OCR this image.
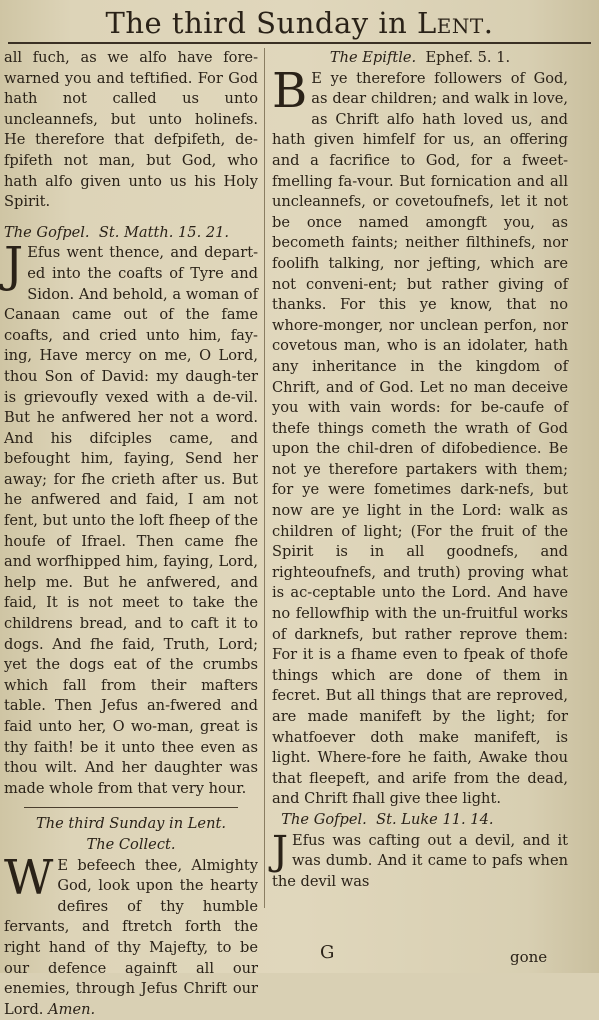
The third Sunday in Lent.

all fuch, as we alfo have fore-warned you and teftified. For God hath not called us unto uncleannefs, but unto holinefs. He therefore that defpifeth, de-fpifeth not man, but God, who hath alfo given unto us his Holy Spirit.

The Gofpel. St. Matth. 15. 21.

J Efus went thence, and depart-ed into the coafts of Tyre and Sidon. And behold, a woman of Canaan came out of the fame coafts, and cried unto him, fay-ing, Have mercy on me, O Lord, thou Son of David: my daugh-ter is grievoufly vexed with a de-vil. But he anfwered her not a word. And his difciples came, and befought him, faying, Send her away; for fhe crieth after us. But he anfwered and faid, I am not fent, but unto the loft fheep of the houfe of Ifrael. Then came fhe and worfhipped him, faying, Lord, help me. But he anfwered, and faid, It is not meet to take the childrens bread, and to caft it to dogs. And fhe faid, Truth, Lord; yet the dogs eat of the crumbs which fall from their mafters table. Then Jefus an-fwered and faid unto her, O wo-man, great is thy faith! be it unto thee even as thou wilt. And her daughter was made whole from that very hour.

The third Sunday in Lent.

The Collect.

W E befeech thee, Almighty God, look upon the hearty defires of thy humble fervants, and ftretch forth the right hand of thy Majefty, to be our defence againft all our enemies, through Jefus Chrift our Lord. Amen.

The Epiftle. Ephef. 5. 1.

B E ye therefore followers of God, as dear children; and walk in love, as Chrift alfo hath loved us, and hath given himfelf for us, an offering and a facrifice to God, for a fweet-fmelling fa-vour. But fornication and all uncleannefs, or covetoufnefs, let it not be once named amongft you, as becometh faints; neither filthinefs, nor foolifh talking, nor jefting, which are not conveni-ent; but rather giving of thanks. For this ye know, that no whore-monger, nor unclean perfon, nor covetous man, who is an idolater, hath any inheritance in the kingdom of Chrift, and of God. Let no man deceive you with vain words: for be-caufe of thefe things cometh the wrath of God upon the chil-dren of difobedience. Be not ye therefore partakers with them; for ye were fometimes dark-nefs, but now are ye light in the Lord: walk as children of light; (For the fruit of the Spirit is in all goodnefs, and righteoufnefs, and truth) proving what is ac-ceptable unto the Lord. And have no fellowfhip with the un-fruitful works of darknefs, but rather reprove them: For it is a fhame even to fpeak of thofe things which are done of them in fecret. But all things that are reproved, are made manifeft by the light; for whatfoever doth make manifeft, is light. Where-fore he faith, Awake thou that fleepeft, and arife from the dead, and Chrift fhall give thee light.

The Gofpel. St. Luke 11. 14.

J Efus was cafting out a devil, and it was dumb. And it came to pafs when the devil was

G	gone
